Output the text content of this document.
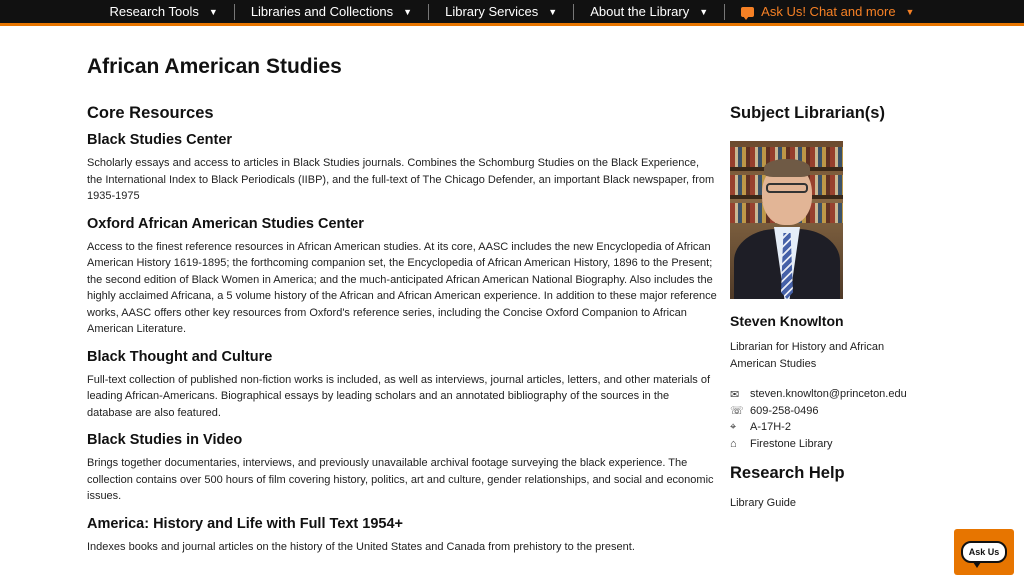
Research Tools ▼	Libraries and Collections ▼	Library Services ▼	About the Library ▼	Ask Us! Chat and more ▼
African American Studies
Core Resources
Black Studies Center

Scholarly essays and access to articles in Black Studies journals. Combines the Schomburg Studies on the Black Experience, the International Index to Black Periodicals (IIBP), and the full-text of The Chicago Defender, an important Black newspaper, from 1935-1975

Oxford African American Studies Center

Access to the finest reference resources in African American studies. At its core, AASC includes the new Encyclopedia of African American History 1619-1895; the forthcoming companion set, the Encyclopedia of African American History, 1896 to the Present; the second edition of Black Women in America; and the much-anticipated African American National Biography. Also includes the highly acclaimed Africana, a 5 volume history of the African and African American experience. In addition to these major reference works, AASC offers other key resources from Oxford's reference series, including the Concise Oxford Companion to African American Literature.

Black Thought and Culture

Full-text collection of published non-fiction works is included, as well as interviews, journal articles, letters, and other materials of leading African-Americans. Biographical essays by leading scholars and an annotated bibliography of the sources in the database are also featured.

Black Studies in Video

Brings together documentaries, interviews, and previously unavailable archival footage surveying the black experience. The collection contains over 500 hours of film covering history, politics, art and culture, gender relationships, and social and economic issues.

America: History and Life with Full Text 1954+

Indexes books and journal articles on the history of the United States and Canada from prehistory to the present.

Subject Librarian(s)
Steven Knowlton
Librarian for History and African American Studies
✉ steven.knowlton@princeton.edu
☏ 609-258-0496
⌖	A-17H-2
⌂	Firestone Library
Research Help
Library Guide
Ask Us
